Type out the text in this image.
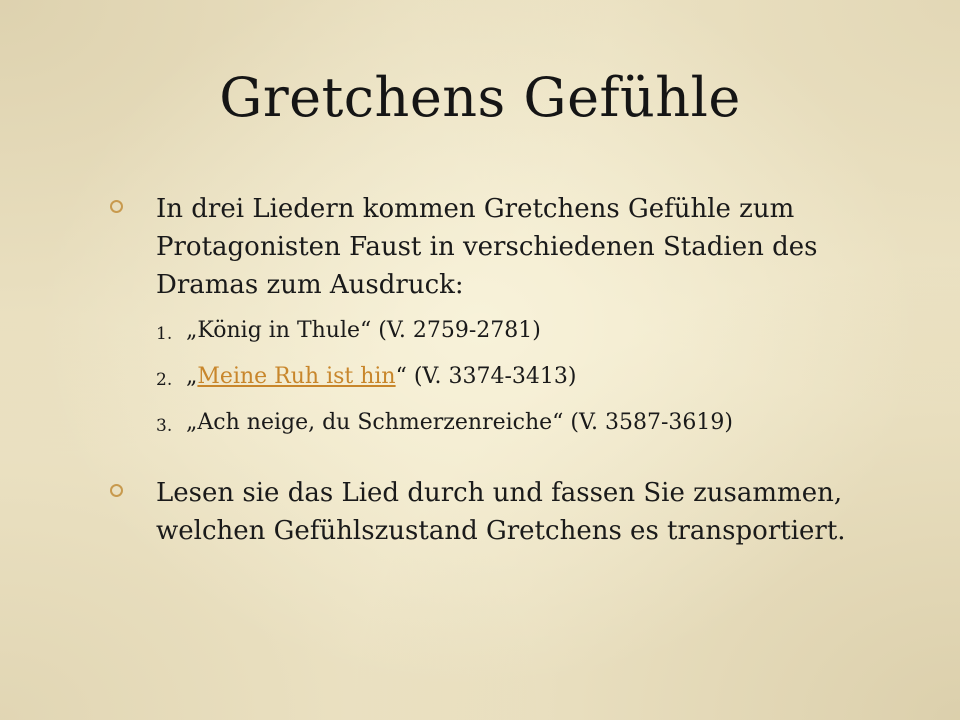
Gretchens Gefühle
In drei Liedern kommen Gretchens Gefühle zum Protagonisten Faust in verschiedenen Stadien des Dramas zum Ausdruck:
1. „König in Thule“ (V. 2759-2781)
2. „Meine Ruh ist hin“ (V. 3374-3413)
3. „Ach neige, du Schmerzenreiche“ (V. 3587-3619)
Lesen sie das Lied durch und fassen Sie zusammen, welchen Gefühlszustand Gretchens es transportiert.
